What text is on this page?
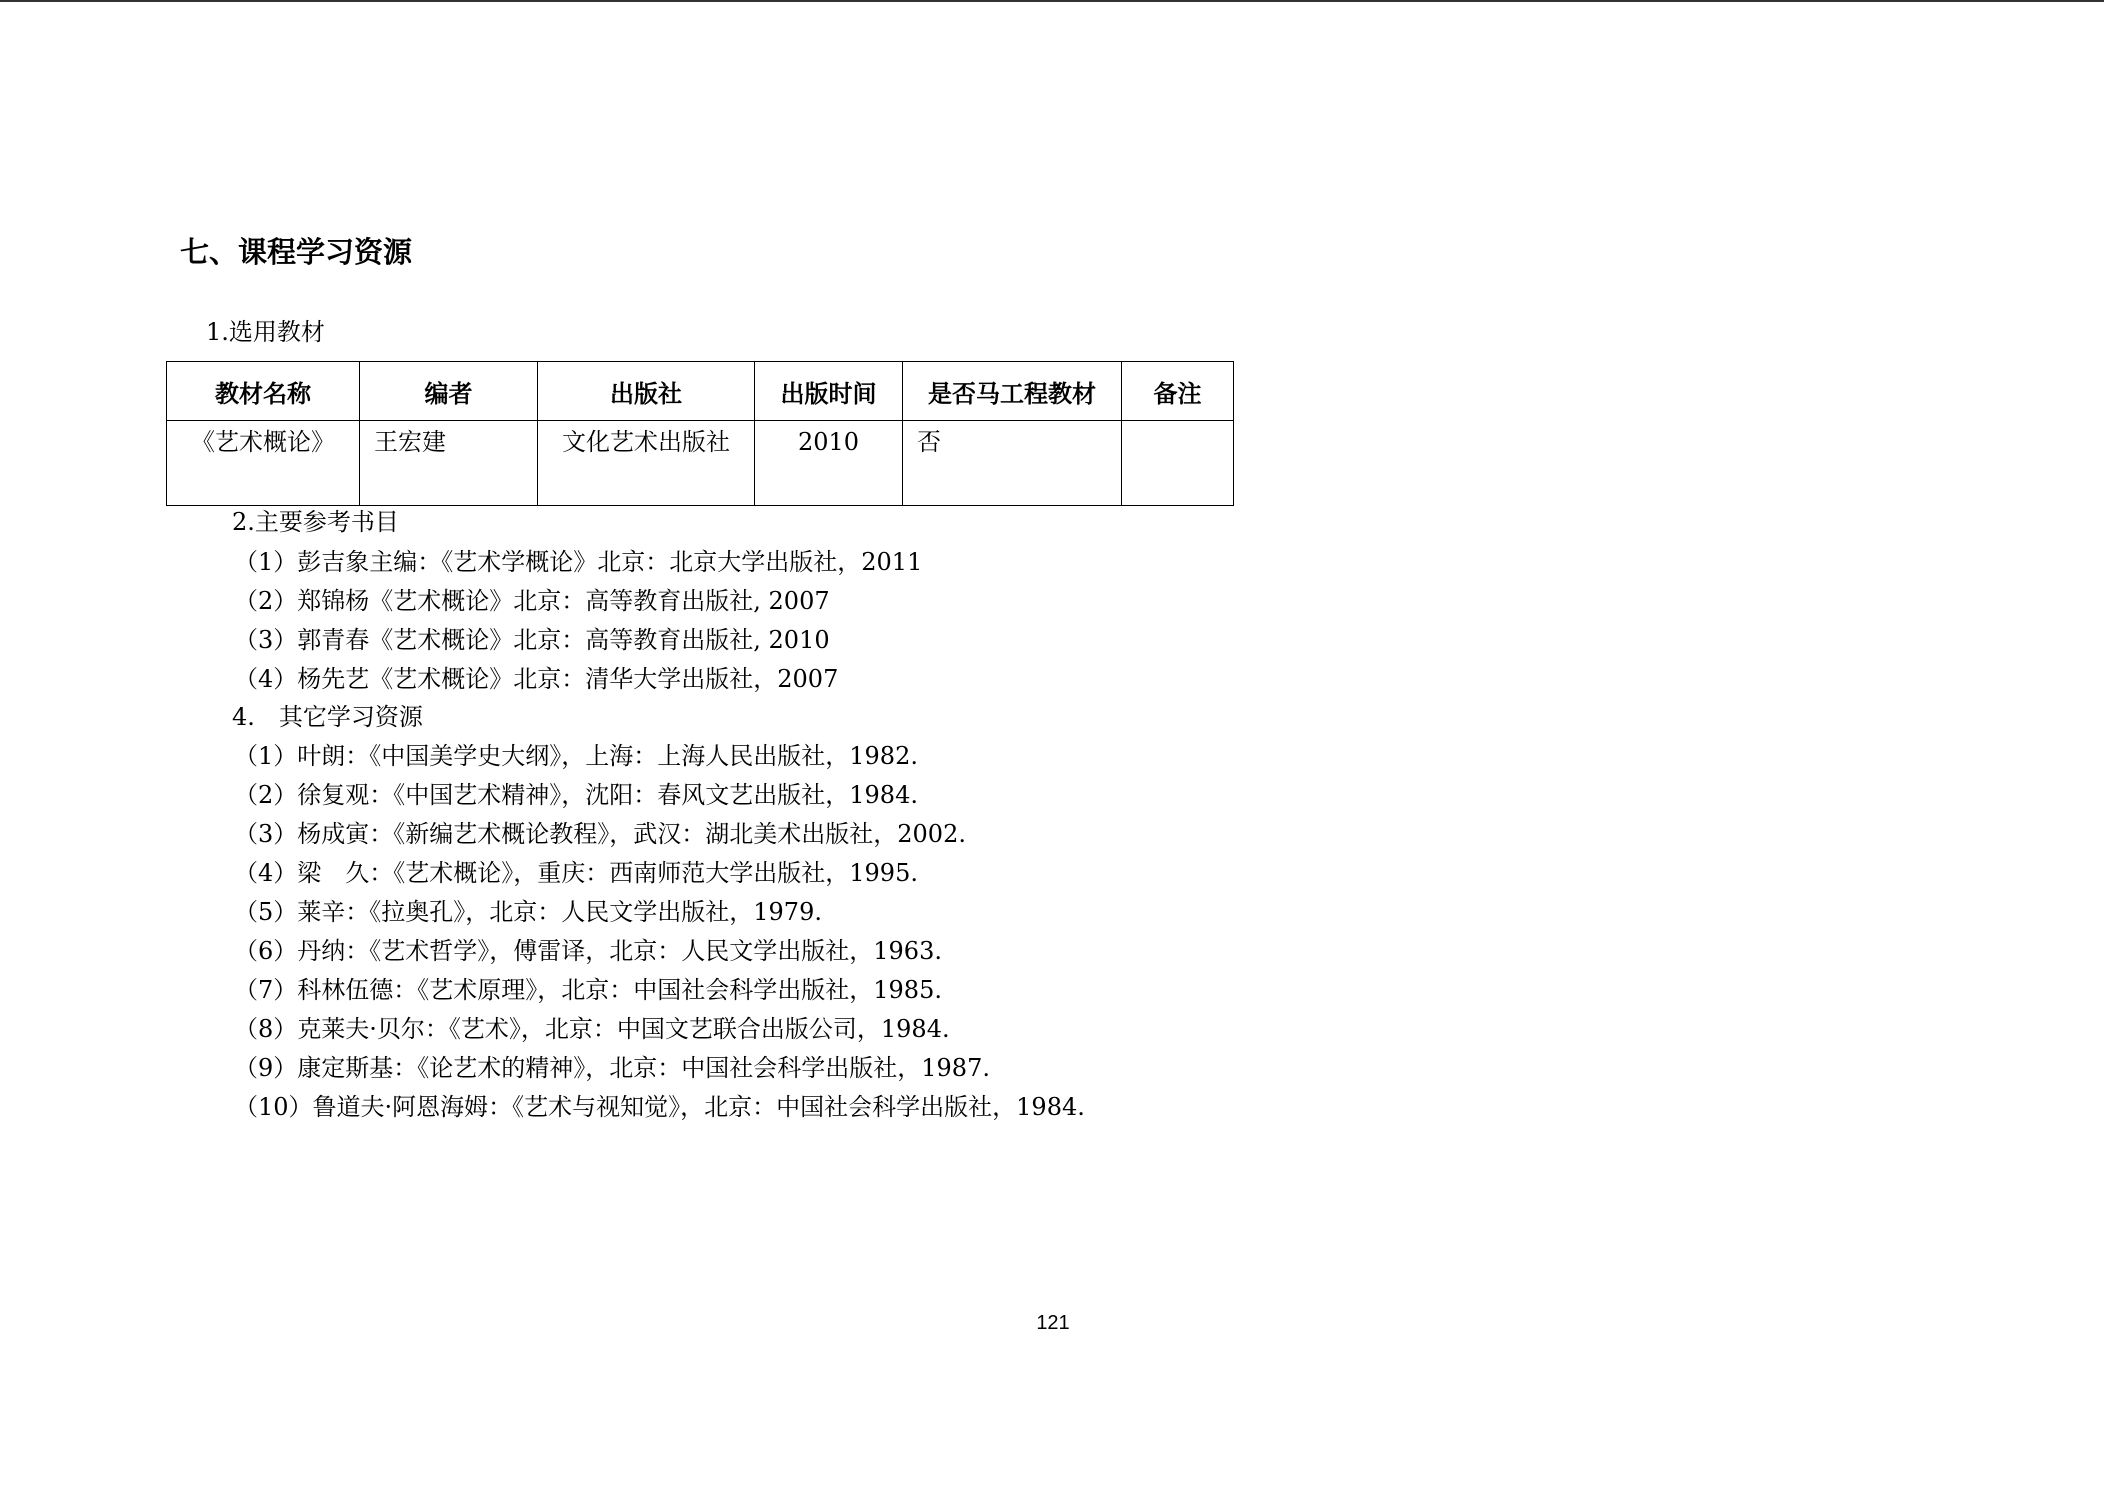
七、课程学习资源
1.选用教材
教材名称	编者	出版社	出版时间	是否马工程教材	备注
《艺术概论》	王宏建	文化艺术出版社	2010	否	
2.主要参考书目
（1）彭吉象主编：《艺术学概论》北京：北京大学出版社，2011
（2）郑锦杨《艺术概论》北京：高等教育出版社, 2007
（3）郭青春《艺术概论》北京：高等教育出版社, 2010
（4）杨先艺《艺术概论》北京：清华大学出版社，2007
4.　其它学习资源
（1）叶朗：《中国美学史大纲》，上海：上海人民出版社，1982.
（2）徐复观：《中国艺术精神》，沈阳：春风文艺出版社，1984.
（3）杨成寅：《新编艺术概论教程》，武汉：湖北美术出版社，2002.
（4）梁　久：《艺术概论》，重庆：西南师范大学出版社，1995.
（5）莱辛：《拉奥孔》，北京：人民文学出版社，1979.
（6）丹纳：《艺术哲学》，傅雷译，北京：人民文学出版社，1963.
（7）科林伍德：《艺术原理》，北京：中国社会科学出版社，1985.
（8）克莱夫·贝尔：《艺术》，北京：中国文艺联合出版公司，1984.
（9）康定斯基：《论艺术的精神》，北京：中国社会科学出版社，1987.
（10）鲁道夫·阿恩海姆：《艺术与视知觉》，北京：中国社会科学出版社，1984.
121
